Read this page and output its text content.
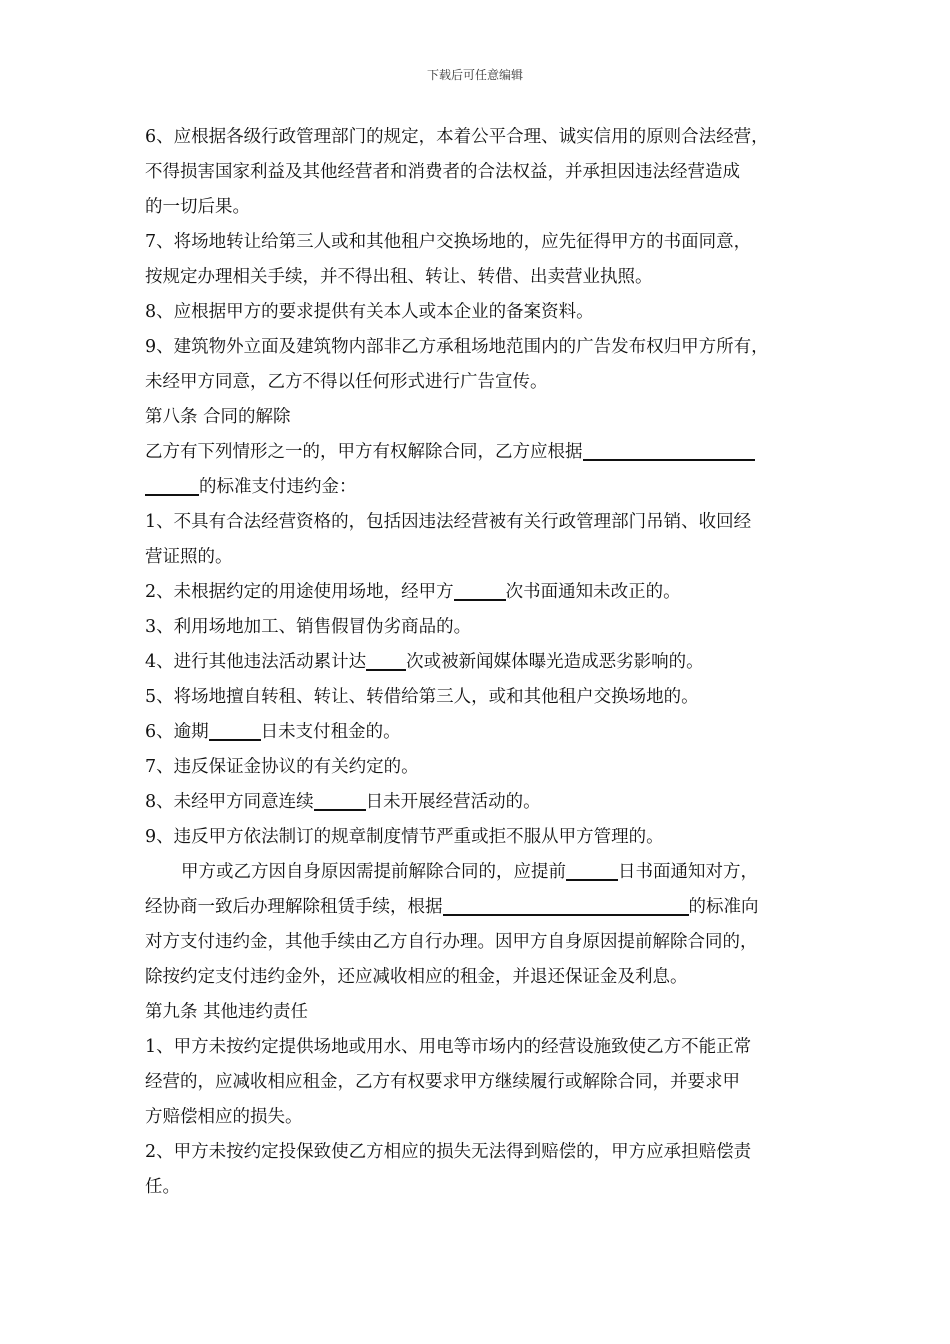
下载后可任意编辑
6、应根据各级行政管理部门的规定，本着公平合理、诚实信用的原则合法经营，
不得损害国家利益及其他经营者和消费者的合法权益，并承担因违法经营造成
的一切后果。
7、将场地转让给第三人或和其他租户交换场地的，应先征得甲方的书面同意，
按规定办理相关手续，并不得出租、转让、转借、出卖营业执照。
8、应根据甲方的要求提供有关本人或本企业的备案资料。
9、建筑物外立面及建筑物内部非乙方承租场地范围内的广告发布权归甲方所有，
未经甲方同意，乙方不得以任何形式进行广告宣传。
第八条 合同的解除
乙方有下列情形之一的，甲方有权解除合同，乙方应根据
的标准支付违约金：
1、不具有合法经营资格的，包括因违法经营被有关行政管理部门吊销、收回经
营证照的。
2、未根据约定的用途使用场地，经甲方	次书面通知未改正的。
3、利用场地加工、销售假冒伪劣商品的。
4、进行其他违法活动累计达 次或被新闻媒体曝光造成恶劣影响的。
5、将场地擅自转租、转让、转借给第三人，或和其他租户交换场地的。
6、逾期	日未支付租金的。
7、违反保证金协议的有关约定的。
8、未经甲方同意连续	日未开展经营活动的。
9、违反甲方依法制订的规章制度情节严重或拒不服从甲方管理的。
甲方或乙方因自身原因需提前解除合同的，应提前	日书面通知对方，
经协商一致后办理解除租赁手续，根据	的标准向
对方支付违约金，其他手续由乙方自行办理。因甲方自身原因提前解除合同的，
除按约定支付违约金外，还应减收相应的租金，并退还保证金及利息。
第九条 其他违约责任
1、甲方未按约定提供场地或用水、用电等市场内的经营设施致使乙方不能正常
经营的，应减收相应租金，乙方有权要求甲方继续履行或解除合同，并要求甲
方赔偿相应的损失。
2、甲方未按约定投保致使乙方相应的损失无法得到赔偿的，甲方应承担赔偿责
任。
